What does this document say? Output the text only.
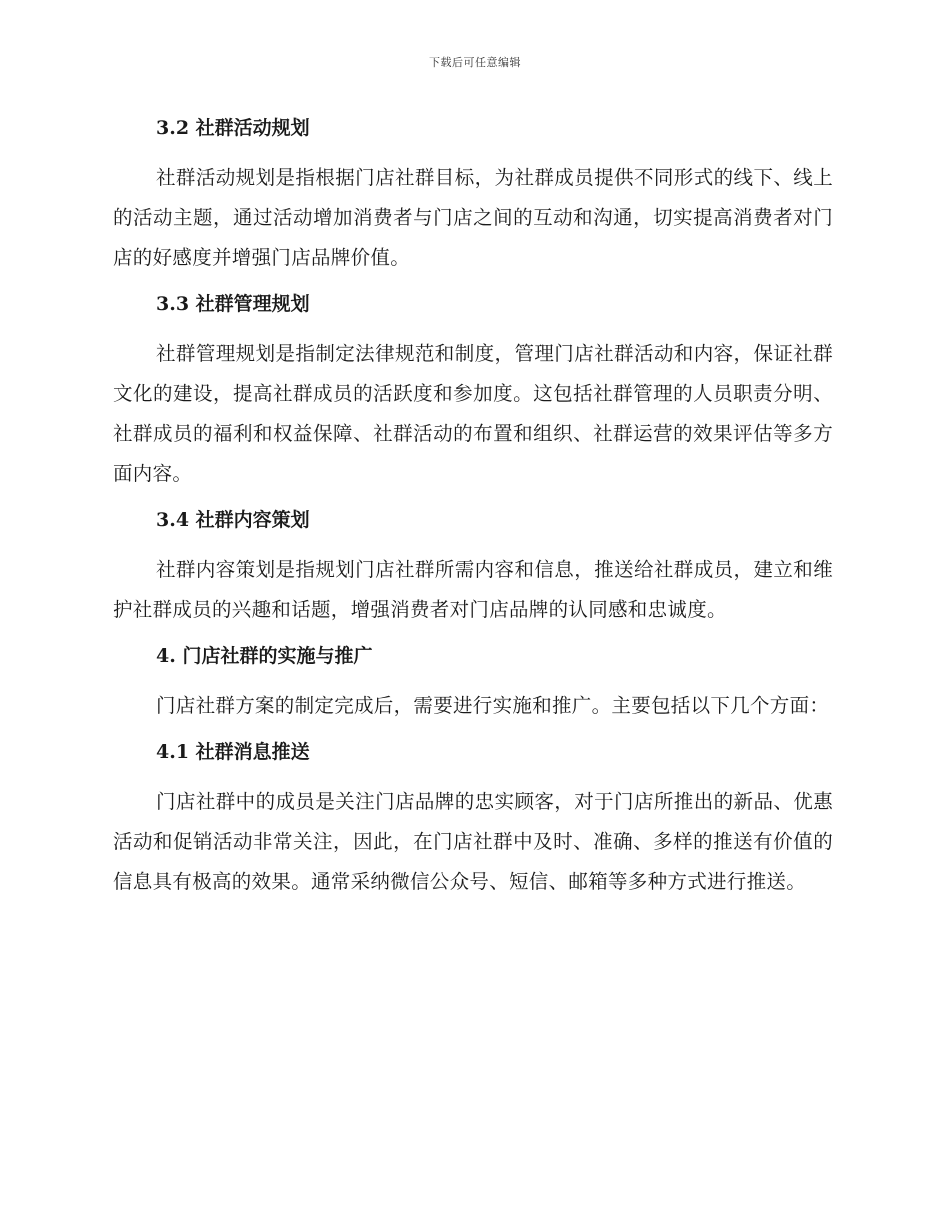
下载后可任意编辑
3.2 社群活动规划

社群活动规划是指根据门店社群目标，为社群成员提供不同形式的线下、线上的活动主题，通过活动增加消费者与门店之间的互动和沟通，切实提高消费者对门店的好感度并增强门店品牌价值。

3.3 社群管理规划

社群管理规划是指制定法律规范和制度，管理门店社群活动和内容，保证社群文化的建设，提高社群成员的活跃度和参加度。这包括社群管理的人员职责分明、社群成员的福利和权益保障、社群活动的布置和组织、社群运营的效果评估等多方面内容。

3.4 社群内容策划

社群内容策划是指规划门店社群所需内容和信息，推送给社群成员，建立和维护社群成员的兴趣和话题，增强消费者对门店品牌的认同感和忠诚度。

4. 门店社群的实施与推广

门店社群方案的制定完成后，需要进行实施和推广。主要包括以下几个方面：

4.1 社群消息推送

门店社群中的成员是关注门店品牌的忠实顾客，对于门店所推出的新品、优惠活动和促销活动非常关注，因此，在门店社群中及时、准确、多样的推送有价值的信息具有极高的效果。通常采纳微信公众号、短信、邮箱等多种方式进行推送。
